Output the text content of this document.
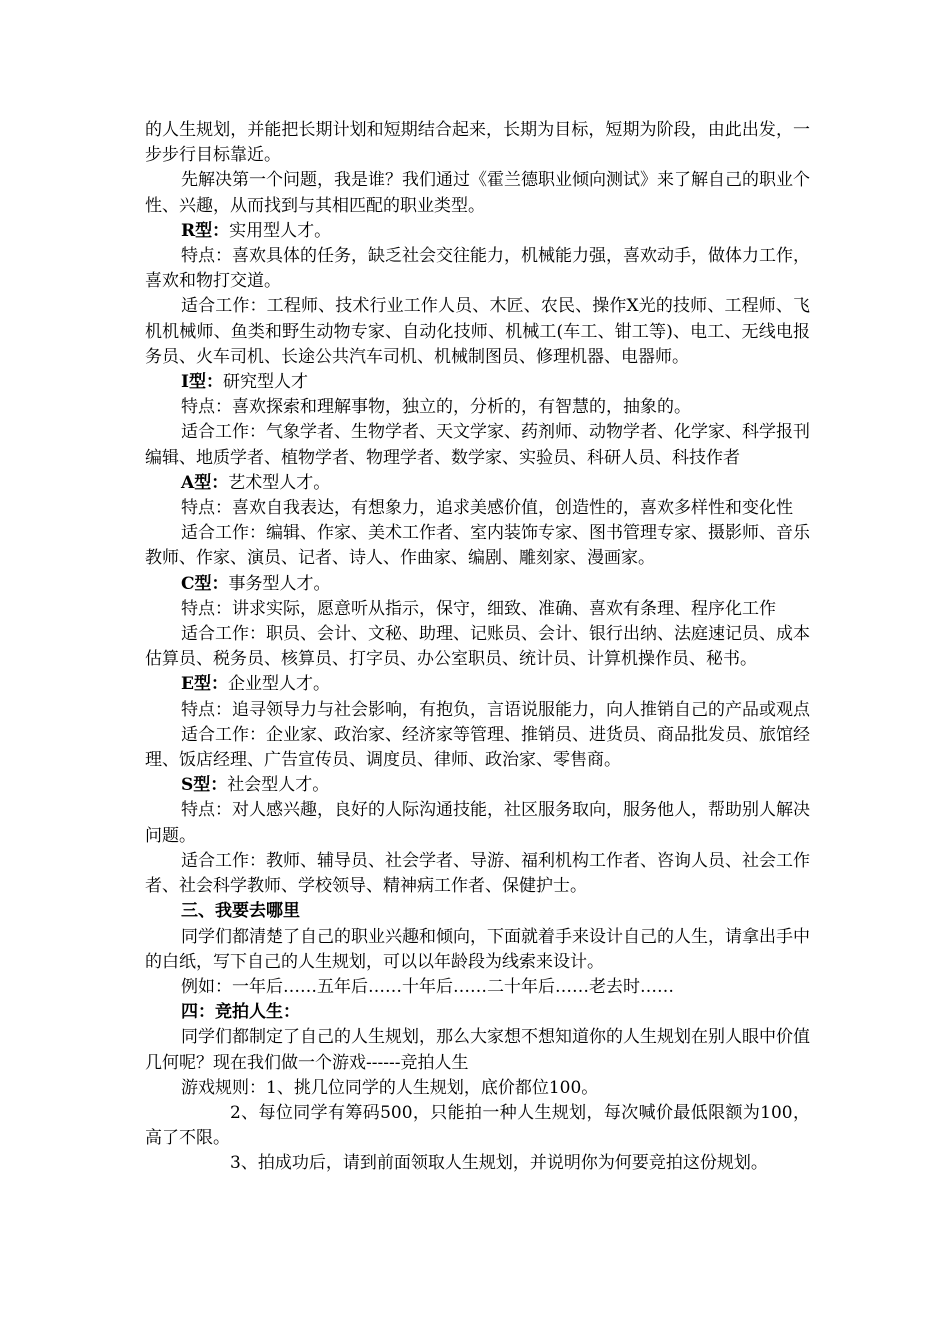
的人生规划，并能把长期计划和短期结合起来，长期为目标，短期为阶段，由此出发，一步步行目标靠近。

先解决第一个问题，我是谁？我们通过《霍兰德职业倾向测试》来了解自己的职业个性、兴趣，从而找到与其相匹配的职业类型。

R型：实用型人才。

特点：喜欢具体的任务，缺乏社会交往能力，机械能力强，喜欢动手，做体力工作，喜欢和物打交道。

适合工作：工程师、技术行业工作人员、木匠、农民、操作X光的技师、工程师、飞机机械师、鱼类和野生动物专家、自动化技师、机械工(车工、钳工等)、电工、无线电报务员、火车司机、长途公共汽车司机、机械制图员、修理机器、电器师。

I型：研究型人才

特点：喜欢探索和理解事物，独立的，分析的，有智慧的，抽象的。

适合工作：气象学者、生物学者、天文学家、药剂师、动物学者、化学家、科学报刊编辑、地质学者、植物学者、物理学者、数学家、实验员、科研人员、科技作者

A型：艺术型人才。

特点：喜欢自我表达，有想象力，追求美感价值，创造性的，喜欢多样性和变化性

适合工作：编辑、作家、美术工作者、室内装饰专家、图书管理专家、摄影师、音乐教师、作家、演员、记者、诗人、作曲家、编剧、雕刻家、漫画家。

C型：事务型人才。

特点：讲求实际，愿意听从指示，保守，细致、准确、喜欢有条理、程序化工作

适合工作：职员、会计、文秘、助理、记账员、会计、银行出纳、法庭速记员、成本估算员、税务员、核算员、打字员、办公室职员、统计员、计算机操作员、秘书。

E型：企业型人才。

特点：追寻领导力与社会影响，有抱负，言语说服能力，向人推销自己的产品或观点

适合工作：企业家、政治家、经济家等管理、推销员、进货员、商品批发员、旅馆经理、饭店经理、广告宣传员、调度员、律师、政治家、零售商。

S型：社会型人才。

特点：对人感兴趣，良好的人际沟通技能，社区服务取向，服务他人，帮助别人解决问题。

适合工作：教师、辅导员、社会学者、导游、福利机构工作者、咨询人员、社会工作者、社会科学教师、学校领导、精神病工作者、保健护士。

三、我要去哪里

同学们都清楚了自己的职业兴趣和倾向，下面就着手来设计自己的人生，请拿出手中的白纸，写下自己的人生规划，可以以年龄段为线索来设计。

例如：一年后……五年后……十年后……二十年后……老去时……

四：竞拍人生：

同学们都制定了自己的人生规划，那么大家想不想知道你的人生规划在别人眼中价值几何呢？现在我们做一个游戏------竞拍人生

游戏规则：1、挑几位同学的人生规划，底价都位100。

2、每位同学有筹码500，只能拍一种人生规划，每次喊价最低限额为100，高了不限。

3、拍成功后，请到前面领取人生规划，并说明你为何要竞拍这份规划。
